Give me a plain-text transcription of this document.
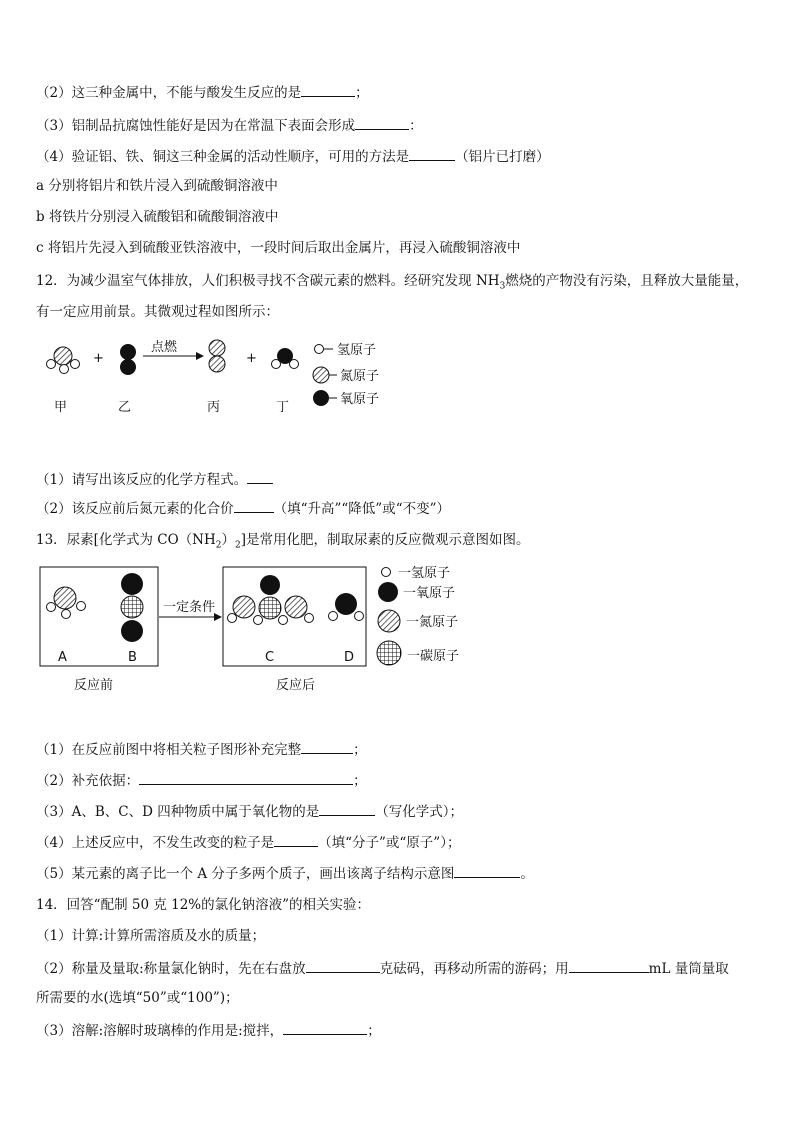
（2）这三种金属中，不能与酸发生反应的是	；
（3）铝制品抗腐蚀性能好是因为在常温下表面会形成	：
（4）验证铝、铁、铜这三种金属的活动性顺序，可用的方法是	（铝片已打磨）
a 分别将铝片和铁片浸入到硫酸铜溶液中
b 将铁片分别浸入硫酸铝和硫酸铜溶液中
c 将铝片先浸入到硫酸亚铁溶液中，一段时间后取出金属片，再浸入硫酸铜溶液中
12．为减少温室气体排放，人们积极寻找不含碳元素的燃料。经研究发现 $NH_3$燃烧的产物没有污染，且释放大量能量，
有一定应用前景。其微观过程如图所示：
+
点燃
+
氢原子
氮原子
氧原子
甲	乙	丙	丁
（1）请写出该反应的化学方程式。
（2）该反应前后氮元素的化合价	（填“升高”“降低”或“不变”）
13．尿素[化学式为 $CO(NH_2)_2$]是常用化肥，制取尿素的反应微观示意图如图。
A	B
一定条件
C	D
反应前	反应后
一氢原子
一氧原子
一氮原子
一碳原子
（1）在反应前图中将相关粒子图形补充完整	；
（2）补充依据：	；
（3）A、B、C、D 四种物质中属于氧化物的是	（写化学式）；
（4）上述反应中，不发生改变的粒子是	（填“分子”或“原子”）；
（5）某元素的离子比一个 A 分子多两个质子，画出该离子结构示意图	。
14．回答“配制 50 克 12%的氯化钠溶液”的相关实验：
（1）计算:计算所需溶质及水的质量；
（2）称量及量取:称量氯化钠时，先在右盘放	克砝码，再移动所需的游码；用	mL 量筒量取
所需要的水(选填“50”或“100”)；
（3）溶解:溶解时玻璃棒的作用是:搅拌，	；
